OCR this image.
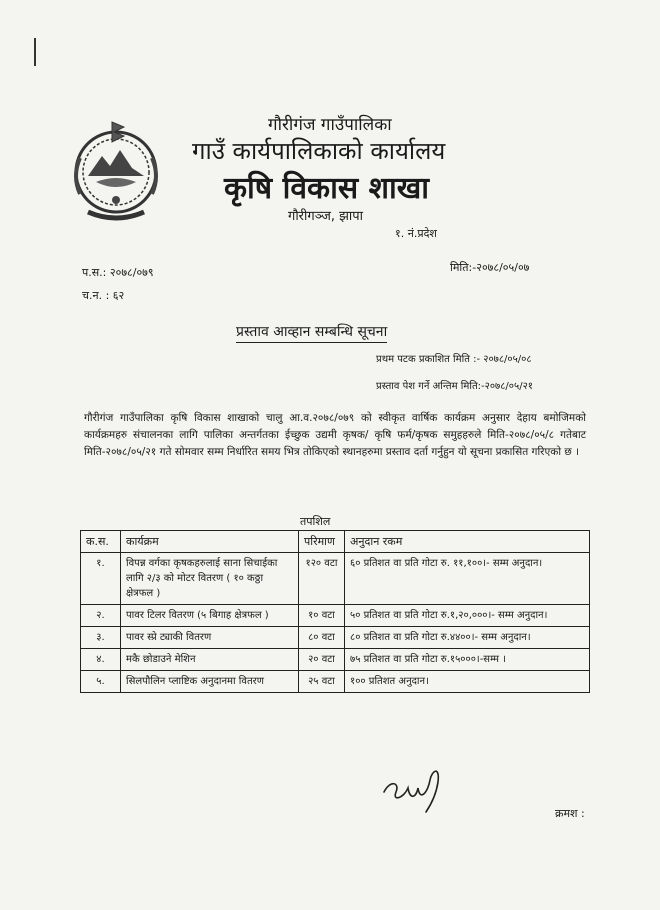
गौरीगंज गाउँपालिका
गाउँ कार्यपालिकाको कार्यालय
कृषि विकास शाखा
गौरीगञ्ज, झापा
१. नं.प्रदेश
प.स.: २०७८/०७९
च.न. : ६२
मिति:-२०७८/०५/०७
प्रस्ताव आव्हान सम्बन्धि सूचना
प्रथम पटक प्रकाशित मिति :- २०७८/०५/०८
प्रस्ताव पेश गर्ने अन्तिम मिति:-२०७८/०५/२१

गौरीगंज गाउँपालिका कृषि विकास शाखाको चालु आ.व.२०७८/०७९ को स्वीकृत वार्षिक कार्यक्रम अनुसार देहाय बमोजिमको कार्यक्रमहरु संचालनका लागि पालिका अन्तर्गतका ईच्छुक उद्यमी कृषक/ कृषि फर्म/कृषक समुहहरुले मिति-२०७८/०५/८ गतेबाट मिति-२०७८/०५/२१ गते सोमवार सम्म निर्धारित समय भित्र तोकिएको स्थानहरुमा प्रस्ताव दर्ता गर्नुहुन यो सूचना प्रकासित गरिएको छ ।

तपशिल
क.स.	कार्यक्रम	परिमाण	अनुदान रकम
१.	विपन्न वर्गका कृषकहरुलाई साना सिचाईका लागि २/३ को मोटर वितरण ( १० कठ्ठा क्षेत्रफल )	१२० वटा	६० प्रतिशत वा प्रति गोटा रु. ११,१००।- सम्म अनुदान।
२.	पावर टिलर वितरण (५ बिगाह क्षेत्रफल )	१० वटा	५० प्रतिशत वा प्रति गोटा रु.१,२०,०००।- सम्म अनुदान।
३.	पावर स्प्रे ट्याकी वितरण	८० वटा	८० प्रतिशत वा प्रति गोटा रु.४४००।- सम्म अनुदान।
४.	मकै छोडाउने मेशिन	२० वटा	७५ प्रतिशत वा प्रति गोटा रु.१५०००।-सम्म ।
५.	सिलपौलिन प्लाष्टिक अनुदानमा वितरण	२५ वटा	१०० प्रतिशत अनुदान।
क्रमश :
